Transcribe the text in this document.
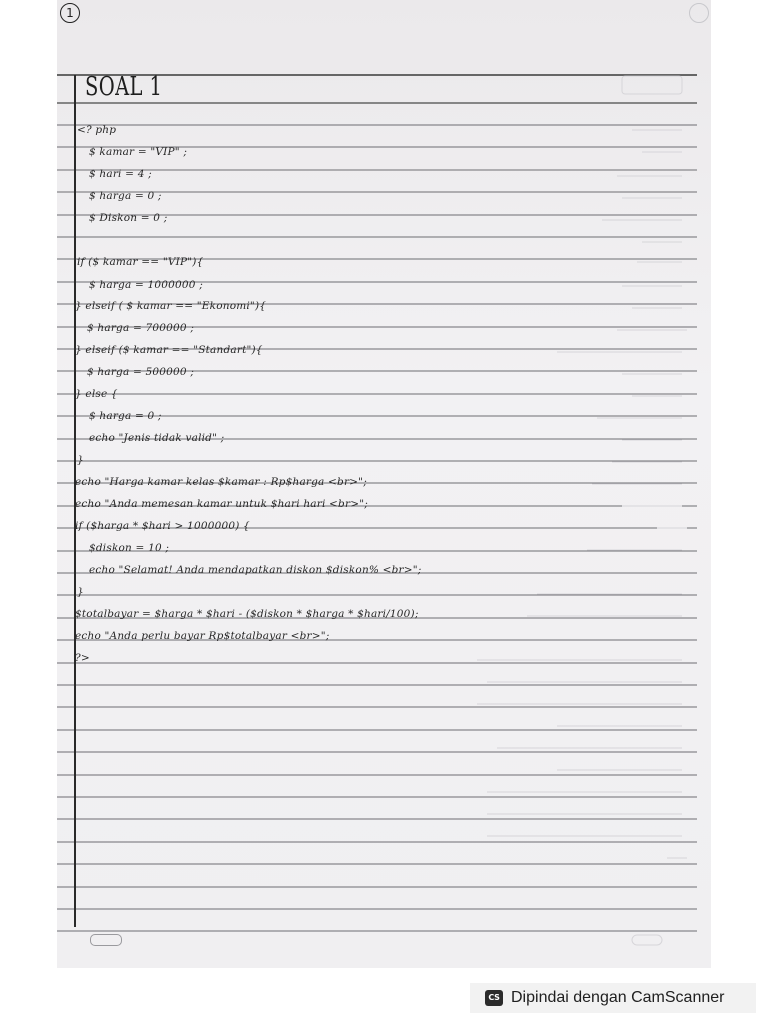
1
SOAL 1
<? php
$ kamar = "VIP" ;
$ hari = 4 ;
$ harga = 0 ;
$ Diskon = 0 ;
if ($ kamar == "VIP"){
$ harga = 1000000 ;
} elseif ( $ kamar == "Ekonomi"){
$ harga = 700000 ;
} elseif ($ kamar == "Standart"){
$ harga = 500000 ;
} else {
$ harga = 0 ;
echo "Jenis tidak valid" ;
}
echo "Harga kamar kelas $kamar : Rp$harga <br>";
echo "Anda memesan kamar untuk $hari hari <br>";
if ($harga * $hari > 1000000) {
$diskon = 10 ;
echo "Selamat! Anda mendapatkan diskon $diskon% <br>";
}
$totalbayar = $harga * $hari - ($diskon * $harga * $hari/100);
echo "Anda perlu bayar Rp$totalbayar <br>";
?>
CS Dipindai dengan CamScanner
